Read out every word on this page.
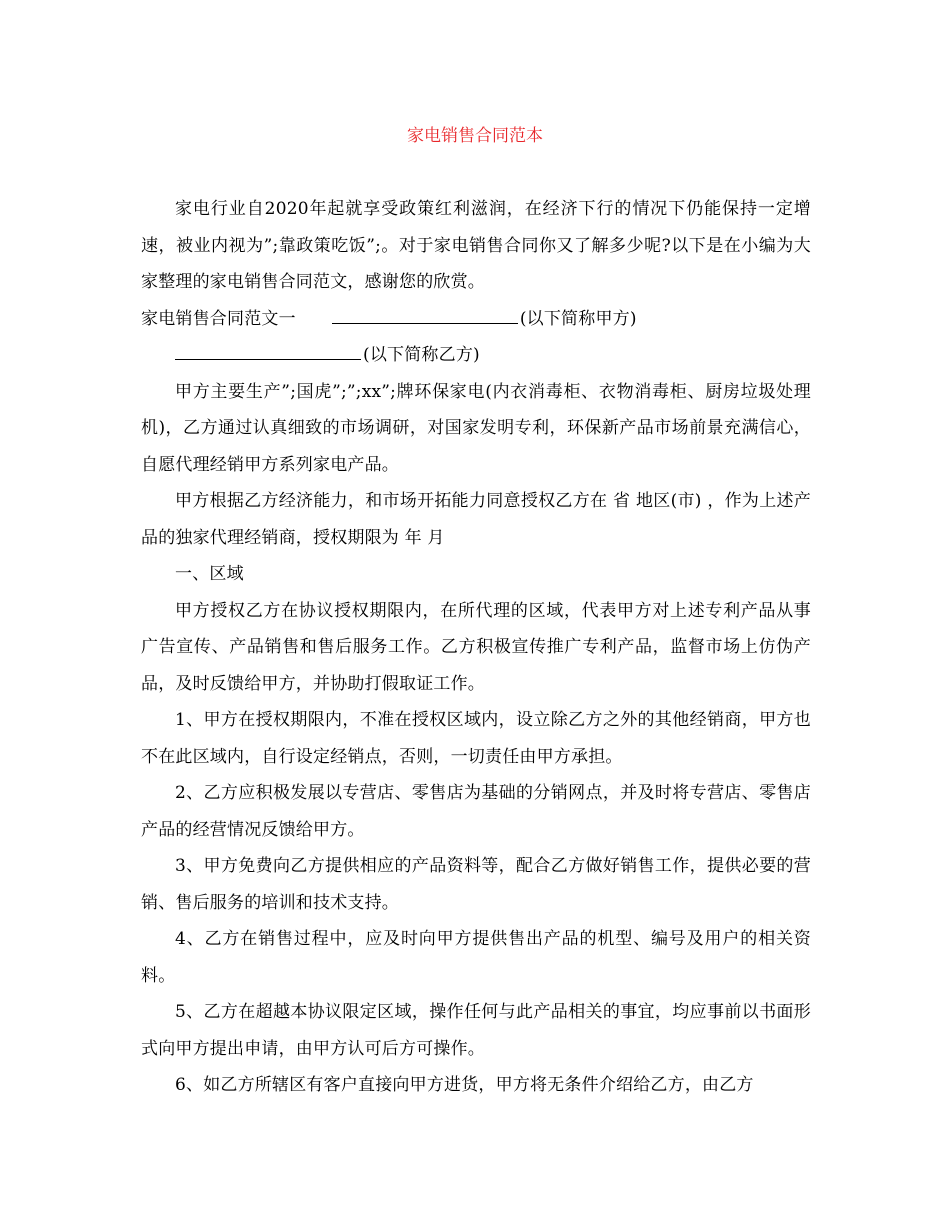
家电销售合同范本

家电行业自2020年起就享受政策红利滋润，在经济下行的情况下仍能保持一定增速，被业内视为”;靠政策吃饭”;。对于家电销售合同你又了解多少呢?以下是在小编为大家整理的家电销售合同范文，感谢您的欣赏。

家电销售合同范文一	(以下简称甲方)

(以下简称乙方)

甲方主要生产”;国虎”;”;xx”;牌环保家电(内衣消毒柜、衣物消毒柜、厨房垃圾处理机)，乙方通过认真细致的市场调研，对国家发明专利，环保新产品市场前景充满信心，自愿代理经销甲方系列家电产品。

甲方根据乙方经济能力，和市场开拓能力同意授权乙方在 省 地区(市) ，作为上述产品的独家代理经销商，授权期限为 年 月

一、区域

甲方授权乙方在协议授权期限内，在所代理的区域，代表甲方对上述专利产品从事广告宣传、产品销售和售后服务工作。乙方积极宣传推广专利产品，监督市场上仿伪产品，及时反馈给甲方，并协助打假取证工作。

1、甲方在授权期限内，不准在授权区域内，设立除乙方之外的其他经销商，甲方也不在此区域内，自行设定经销点，否则，一切责任由甲方承担。

2、乙方应积极发展以专营店、零售店为基础的分销网点，并及时将专营店、零售店产品的经营情况反馈给甲方。

3、甲方免费向乙方提供相应的产品资料等，配合乙方做好销售工作，提供必要的营销、售后服务的培训和技术支持。

4、乙方在销售过程中，应及时向甲方提供售出产品的机型、编号及用户的相关资料。

5、乙方在超越本协议限定区域，操作任何与此产品相关的事宜，均应事前以书面形式向甲方提出申请，由甲方认可后方可操作。

6、如乙方所辖区有客户直接向甲方进货，甲方将无条件介绍给乙方，由乙方
